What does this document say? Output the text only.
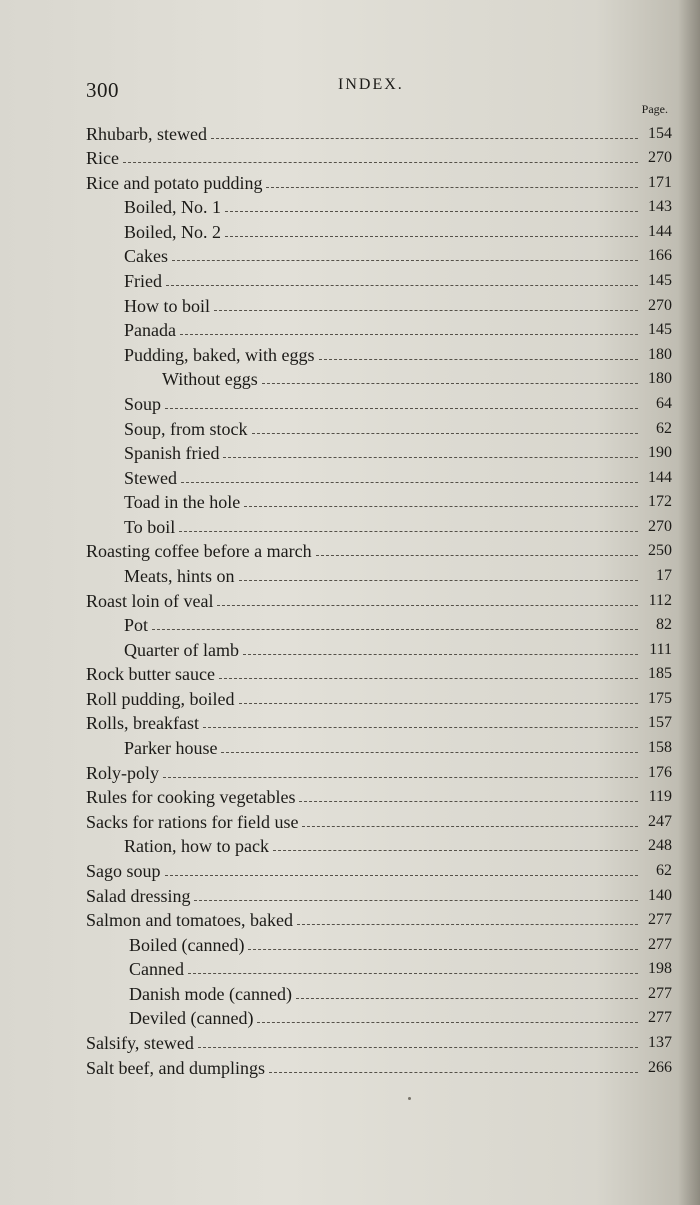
300	INDEX.
Page.
Rhubarb, stewed	154
Rice	270
Rice and potato pudding	171
Boiled, No. 1	143
Boiled, No. 2	144
Cakes	166
Fried	145
How to boil	270
Panada	145
Pudding, baked, with eggs	180
Without eggs	180
Soup	64
Soup, from stock	62
Spanish fried	190
Stewed	144
Toad in the hole	172
To boil	270
Roasting coffee before a march	250
Meats, hints on	17
Roast loin of veal	112
Pot	82
Quarter of lamb	111
Rock butter sauce	185
Roll pudding, boiled	175
Rolls, breakfast	157
Parker house	158
Roly-poly	176
Rules for cooking vegetables	119
Sacks for rations for field use	247
Ration, how to pack	248
Sago soup	62
Salad dressing	140
Salmon and tomatoes, baked	277
Boiled (canned)	277
Canned	198
Danish mode (canned)	277
Deviled (canned)	277
Salsify, stewed	137
Salt beef, and dumplings	266
